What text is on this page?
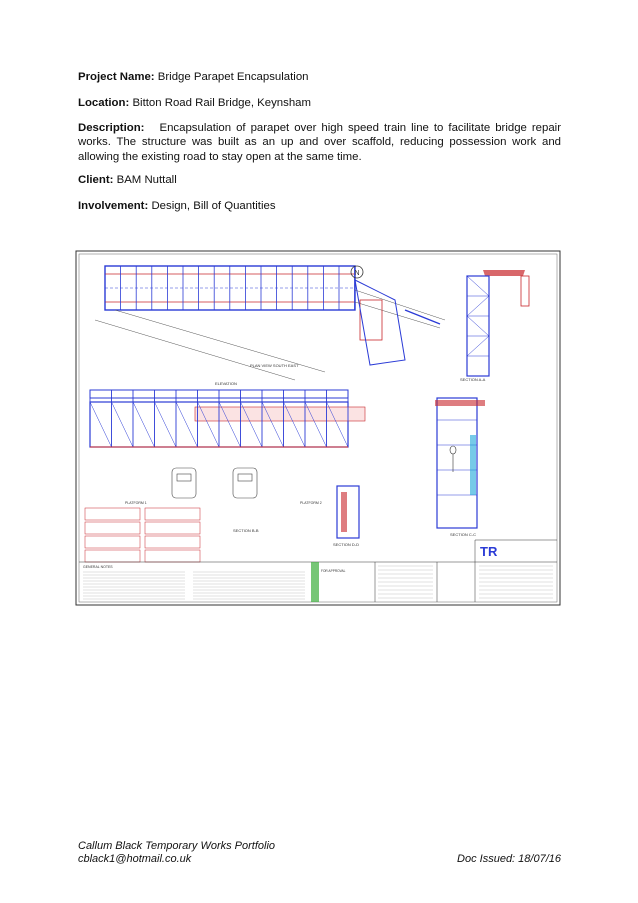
Project Name: Bridge Parapet Encapsulation
Location: Bitton Road Rail Bridge, Keynsham
Description: Encapsulation of parapet over high speed train line to facilitate bridge repair works. The structure was built as an up and over scaffold, reducing possession work and allowing the existing road to stay open at the same time.
Client: BAM Nuttall
Involvement: Design, Bill of Quantities
N
PLAN VIEW SOUTH EAST
ELEVATION
PLATFORM 1	PLATFORM 2
SECTION B-B
SECTION A-A
SECTION C-C
SECTION D-D
GENERAL NOTES
FOR APPROVAL
TR
Callum Black Temporary Works Portfolio
cblack1@hotmail.co.uk	Doc Issued: 18/07/16
